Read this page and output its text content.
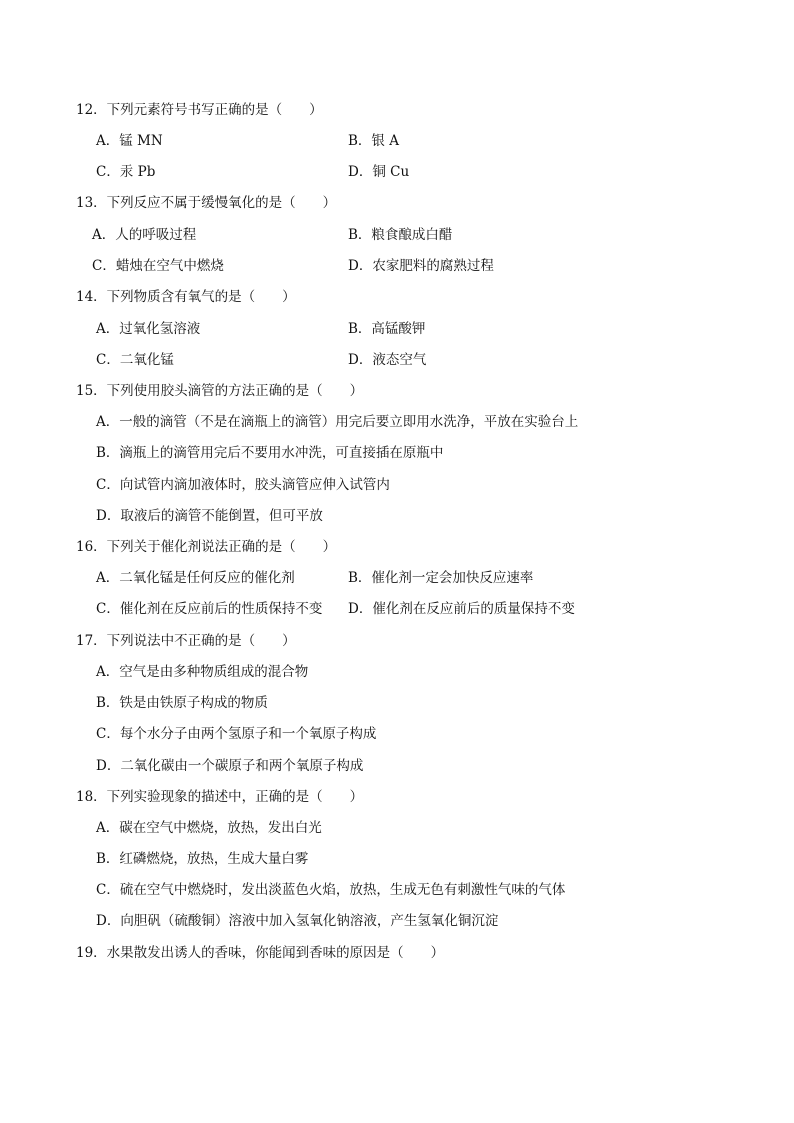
12．下列元素符号书写正确的是（　　）
A．锰 MN	B．银 A
C．汞 Pb	D．铜 Cu
13．下列反应不属于缓慢氧化的是（　　）
A．人的呼吸过程	B．粮食酿成白醋
C．蜡烛在空气中燃烧	D．农家肥料的腐熟过程
14．下列物质含有氧气的是（　　）
A．过氧化氢溶液	B．高锰酸钾
C．二氧化锰	D．液态空气
15．下列使用胶头滴管的方法正确的是（　　）
A．一般的滴管（不是在滴瓶上的滴管）用完后要立即用水洗净，平放在实验台上
B．滴瓶上的滴管用完后不要用水冲洗，可直接插在原瓶中
C．向试管内滴加液体时，胶头滴管应伸入试管内
D．取液后的滴管不能倒置，但可平放
16．下列关于催化剂说法正确的是（　　）
A．二氧化锰是任何反应的催化剂	B．催化剂一定会加快反应速率
C．催化剂在反应前后的性质保持不变 D．催化剂在反应前后的质量保持不变
17．下列说法中不正确的是（　　）
A．空气是由多种物质组成的混合物
B．铁是由铁原子构成的物质
C．每个水分子由两个氢原子和一个氧原子构成
D．二氧化碳由一个碳原子和两个氧原子构成
18．下列实验现象的描述中，正确的是（　　）
A．碳在空气中燃烧，放热，发出白光
B．红磷燃烧，放热，生成大量白雾
C．硫在空气中燃烧时，发出淡蓝色火焰，放热，生成无色有刺激性气味的气体
D．向胆矾（硫酸铜）溶液中加入氢氧化钠溶液，产生氢氧化铜沉淀
19．水果散发出诱人的香味，你能闻到香味的原因是（　　）
